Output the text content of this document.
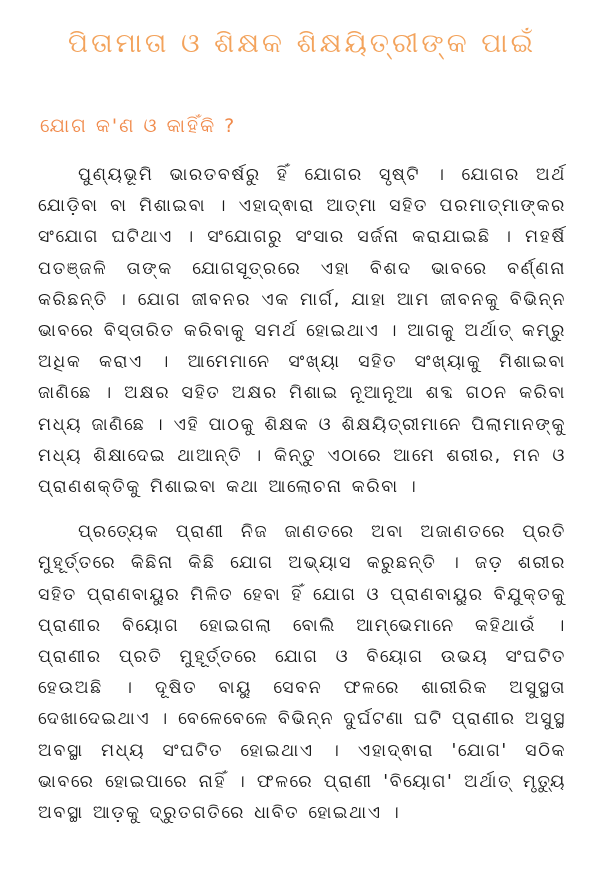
ପିତାମାତା ଓ ଶିକ୍ଷକ ଶିକ୍ଷୟିତ୍ରୀଙ୍କ ପାଇଁ
ଯୋଗ କ'ଣ ଓ କାହିଁକି ?

ପୁଣ୍ୟଭୂମି ଭାରତବର୍ଷରୁ ହିଁ ଯୋଗର ସୃଷ୍ଟି । ଯୋଗର ଅର୍ଥ ଯୋଡ଼ିବା ବା ମିଶାଇବା । ଏହାଦ୍ଵାରା ଆତ୍ମା ସହିତ ପରମାତ୍ମାଙ୍କର ସଂଯୋଗ ଘଟିଥାଏ । ସଂଯୋଗରୁ ସଂସାର ସର୍ଜନା କରାଯାଇଛି । ମହର୍ଷି ପତଞ୍ଜଳି ତାଙ୍କ ଯୋଗସୂତ୍ରରେ ଏହା ବିଶଦ ଭାବରେ ବର୍ଣ୍ଣନା କରିଛନ୍ତି । ଯୋଗ ଜୀବନର ଏକ ମାର୍ଗ, ଯାହା ଆମ ଜୀବନକୁ ବିଭିନ୍ନ ଭାବରେ ବିସ୍ତାରିତ କରିବାକୁ ସମର୍ଥ ହୋଇଥାଏ । ଆଗକୁ ଅର୍ଥାତ୍ କମ୍‌ରୁ ଅଧିକ କରାଏ । ଆମେମାନେ ସଂଖ୍ୟା ସହିତ ସଂଖ୍ୟାକୁ ମିଶାଇବା ଜାଣିଛେ । ଅକ୍ଷର ସହିତ ଅକ୍ଷର ମିଶାଇ ନୂଆନୂଆ ଶବ୍ଦ ଗଠନ କରିବା ମଧ୍ୟ ଜାଣିଛେ । ଏହି ପାଠକୁ ଶିକ୍ଷକ ଓ ଶିକ୍ଷୟିତ୍ରୀମାନେ ପିଲାମାନଙ୍କୁ ମଧ୍ୟ ଶିକ୍ଷାଦେଇ ଥାଆନ୍ତି । କିନ୍ତୁ ଏଠାରେ ଆମେ ଶରୀର, ମନ ଓ ପ୍ରାଣଶକ୍ତିକୁ ମିଶାଇବା କଥା ଆଲୋଚନା କରିବା ।

ପ୍ରତ୍ୟେକ ପ୍ରାଣୀ ନିଜ ଜାଣତରେ ଅବା ଅଜାଣତରେ ପ୍ରତି ମୁହୂର୍ତ୍ତରେ କିଛିନା କିଛି ଯୋଗ ଅଭ୍ୟାସ କରୁଛନ୍ତି । ଜଡ଼ ଶରୀର ସହିତ ପ୍ରାଣବାୟୁର ମିଳିତ ହେବା ହିଁ ଯୋଗ ଓ ପ୍ରାଣବାୟୁର ବିଯୁକ୍ତକୁ ପ୍ରାଣୀର ବିୟୋଗ ହୋଇଗଲା ବୋଲି ଆମ୍ଭେମାନେ କହିଥାଉଁ । ପ୍ରାଣୀର ପ୍ରତି ମୁହୂର୍ତ୍ତରେ ଯୋଗ ଓ ବିୟୋଗ ଉଭୟ ସଂଘଟିତ ହେଉଅଛି । ଦୂଷିତ ବାୟୁ ସେବନ ଫଳରେ ଶାରୀରିକ ଅସୁସ୍ଥତା ଦେଖାଦେଇଥାଏ । ବେଳେବେଳେ ବିଭିନ୍ନ ଦୁର୍ଘଟଣା ଘଟି ପ୍ରାଣୀର ଅସୁସ୍ଥ ଅବସ୍ଥା ମଧ୍ୟ ସଂଘଟିତ ହୋଇଥାଏ । ଏହାଦ୍ଵାରା 'ଯୋଗ' ସଠିକ ଭାବରେ ହୋଇପାରେ ନାହିଁ । ଫଳରେ ପ୍ରାଣୀ 'ବିୟୋଗ' ଅର୍ଥାତ୍ ମୃତ୍ୟୁ ଅବସ୍ଥା ଆଡ଼କୁ ଦ୍ରୁତଗତିରେ ଧାବିତ ହୋଇଥାଏ ।
